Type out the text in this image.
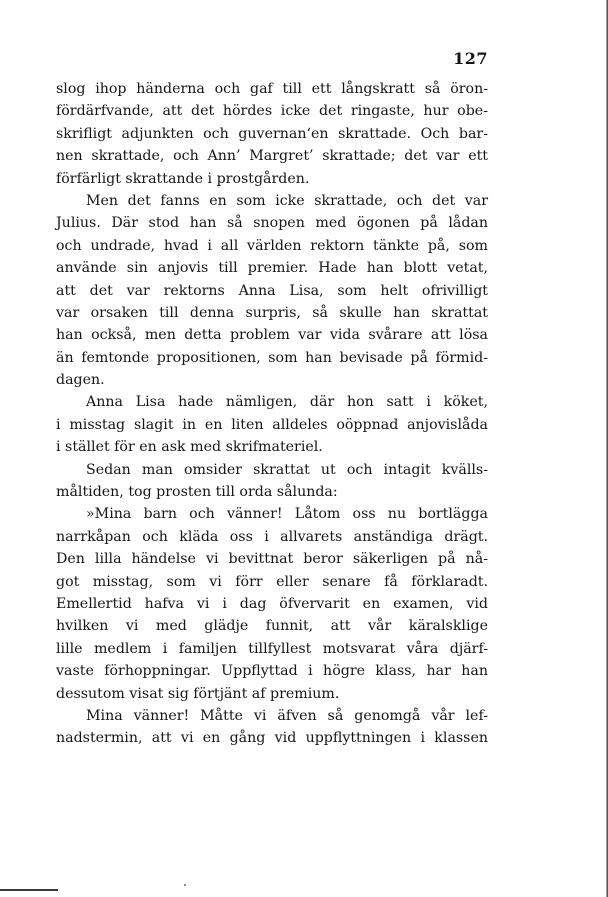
127
slog ihop händerna och gaf till ett långskratt så öron-
fördärfvande, att det hördes icke det ringaste, hur obe-
skrifligt adjunkten och guvernan‘en skrattade. Och bar-
nen skrattade, och Ann’ Margret’ skrattade; det var ett
förfärligt skrattande i prostgården.
Men det fanns en som icke skrattade, och det var
Julius. Där stod han så snopen med ögonen på lådan
och undrade, hvad i all världen rektorn tänkte på, som
använde sin anjovis till premier. Hade han blott vetat,
att det var rektorns Anna Lisa, som helt ofrivilligt
var orsaken till denna surpris, så skulle han skrattat
han också, men detta problem var vida svårare att lösa
än femtonde propositionen, som han bevisade på förmid-
dagen.
Anna Lisa hade nämligen, där hon satt i köket,
i misstag slagit in en liten alldeles oöppnad anjovislåda
i stället för en ask med skrifmateriel.
Sedan man omsider skrattat ut och intagit kvälls-
måltiden, tog prosten till orda sålunda:
»Mina barn och vänner! Låtom oss nu bortlägga
narrkåpan och kläda oss i allvarets anständiga drägt.
Den lilla händelse vi bevittnat beror säkerligen på nå-
got misstag, som vi förr eller senare få förklaradt.
Emellertid hafva vi i dag öfvervarit en examen, vid
hvilken vi med glädje funnit, att vår käralsklige
lille medlem i familjen tillfyllest motsvarat våra djärf-
vaste förhoppningar. Uppflyttad i högre klass, har han
dessutom visat sig förtjänt af premium.
Mina vänner! Måtte vi äfven så genomgå vår lef-
nadstermin, att vi en gång vid uppflyttningen i klassen
